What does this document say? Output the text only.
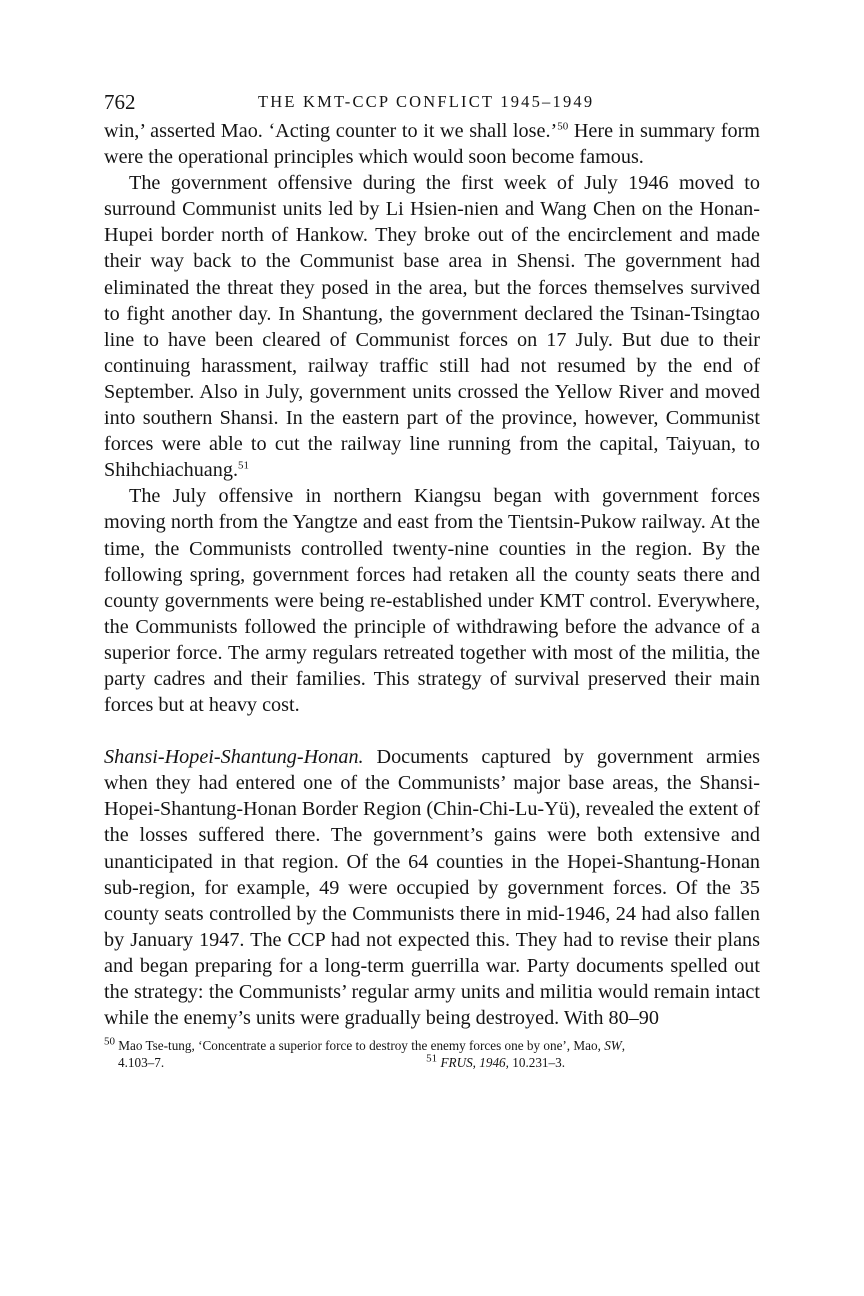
762	THE KMT-CCP CONFLICT 1945–1949

win,’ asserted Mao. ‘Acting counter to it we shall lose.’$^{50}$ Here in summary form were the operational principles which would soon become famous.

The government offensive during the first week of July 1946 moved to surround Communist units led by Li Hsien-nien and Wang Chen on the Honan-Hupei border north of Hankow. They broke out of the encirclement and made their way back to the Communist base area in Shensi. The government had eliminated the threat they posed in the area, but the forces themselves survived to fight another day. In Shantung, the government declared the Tsinan-Tsingtao line to have been cleared of Communist forces on 17 July. But due to their continuing harassment, railway traffic still had not resumed by the end of September. Also in July, government units crossed the Yellow River and moved into southern Shansi. In the eastern part of the province, however, Communist forces were able to cut the railway line running from the capital, Taiyuan, to Shihchiachuang.$^{51}$

The July offensive in northern Kiangsu began with government forces moving north from the Yangtze and east from the Tientsin-Pukow railway. At the time, the Communists controlled twenty-nine counties in the region. By the following spring, government forces had retaken all the county seats there and county governments were being re-established under KMT control. Everywhere, the Communists followed the principle of withdrawing before the advance of a superior force. The army regulars retreated together with most of the militia, the party cadres and their families. This strategy of survival preserved their main forces but at heavy cost.

Shansi-Hopei-Shantung-Honan. Documents captured by government armies when they had entered one of the Communists’ major base areas, the Shansi-Hopei-Shantung-Honan Border Region (Chin-Chi-Lu-Yü), revealed the extent of the losses suffered there. The government’s gains were both extensive and unanticipated in that region. Of the 64 counties in the Hopei-Shantung-Honan sub-region, for example, 49 were occupied by government forces. Of the 35 county seats controlled by the Communists there in mid-1946, 24 had also fallen by January 1947. The CCP had not expected this. They had to revise their plans and began preparing for a long-term guerrilla war. Party documents spelled out the strategy: the Communists’ regular army units and militia would remain intact while the enemy’s units were gradually being destroyed. With 80–90

$^{50}$ Mao Tse-tung, ‘Concentrate a superior force to destroy the enemy forces one by one’, Mao, SW,
4.103–7.	$^{51}$ FRUS, 1946, 10.231–3.
